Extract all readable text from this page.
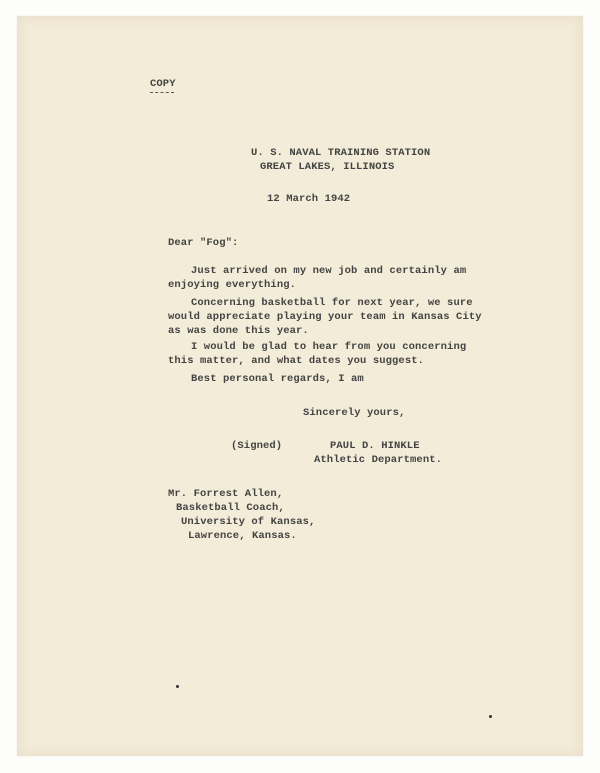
COPY
U. S. NAVAL TRAINING STATION
GREAT LAKES, ILLINOIS
12 March 1942
Dear "Fog":
Just arrived on my new job and certainly am
enjoying everything.
Concerning basketball for next year, we sure
would appreciate playing your team in Kansas City
as was done this year.
I would be glad to hear from you concerning
this matter, and what dates you suggest.
Best personal regards, I am
Sincerely yours,
(Signed)	PAUL D. HINKLE
Athletic Department.
Mr. Forrest Allen,
Basketball Coach,
University of Kansas,
Lawrence, Kansas.
